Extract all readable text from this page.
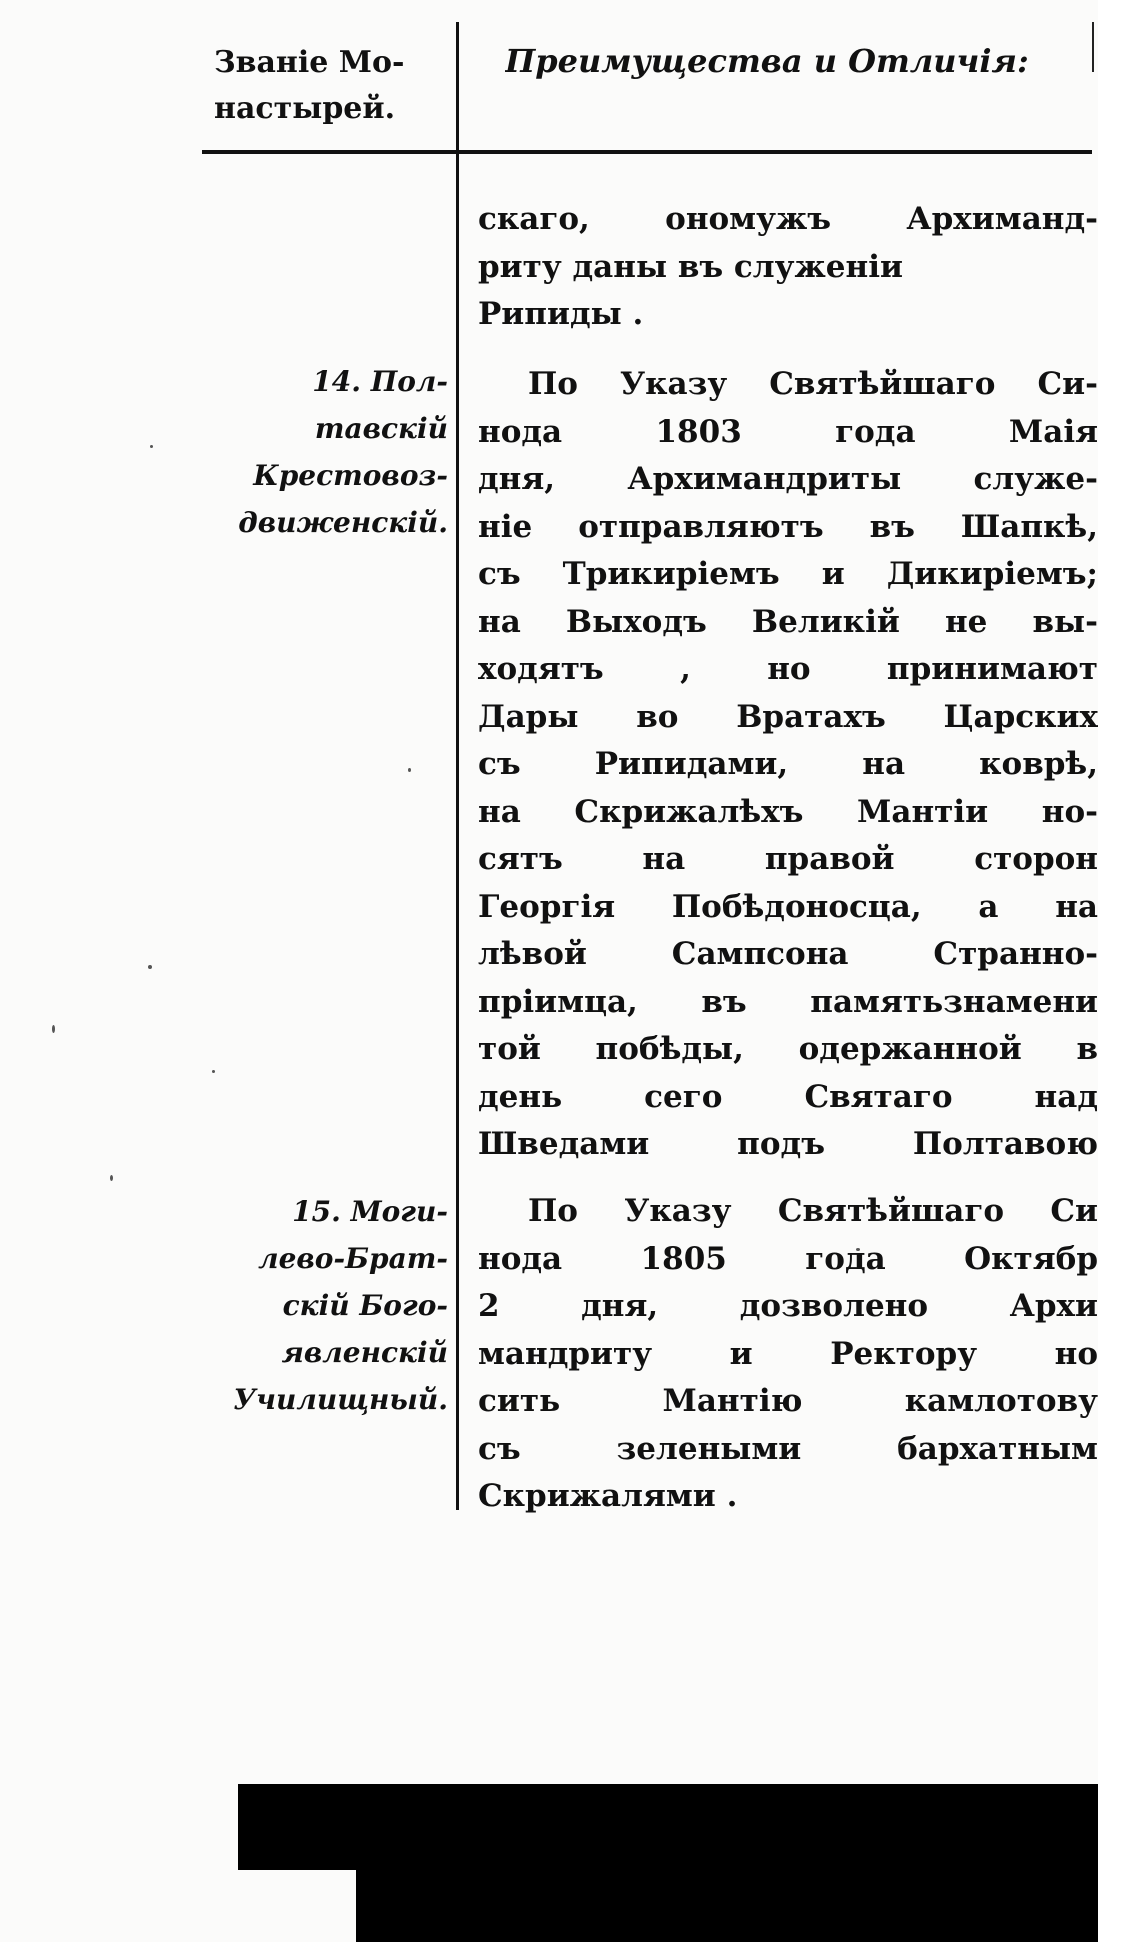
Званіе Мо-
настырей.
Преимущества и Отличія:
скаго, ономужъ Архиманд-
риту даны въ служеніи
Рипиды .
14. Пол-
тавскій
Крестовоз-
движенскій.
По Указу Святѣйшаго Си-
нода 1803 года Маія
дня, Архимандриты служе-
ніе отправляютъ въ Шапкѣ,
съ Трикиріемъ и Дикиріемъ;
на Выходъ Великій не вы-
ходятъ , но принимают
Дары во Вратахъ Царских
съ Рипидами, на коврѣ,
на Скрижалѣхъ Мантіи но-
сятъ на правой сторон
Георгія Побѣдоносца, а на
лѣвой Сампсона Странно-
пріимца, въ памятьзнамени
той побѣды, одержанной в
день сего Святаго над
Шведами подъ Полтавою
15. Моги-
лево-Брат-
скій Бого-
явленскій
Училищный.
По Указу Святѣйшаго Си
нода 1805 года Октябр
2 дня, дозволено Архи
мандриту и Ректору но
сить Мантію камлотову
съ зелеными бархатным
Скрижалями .
